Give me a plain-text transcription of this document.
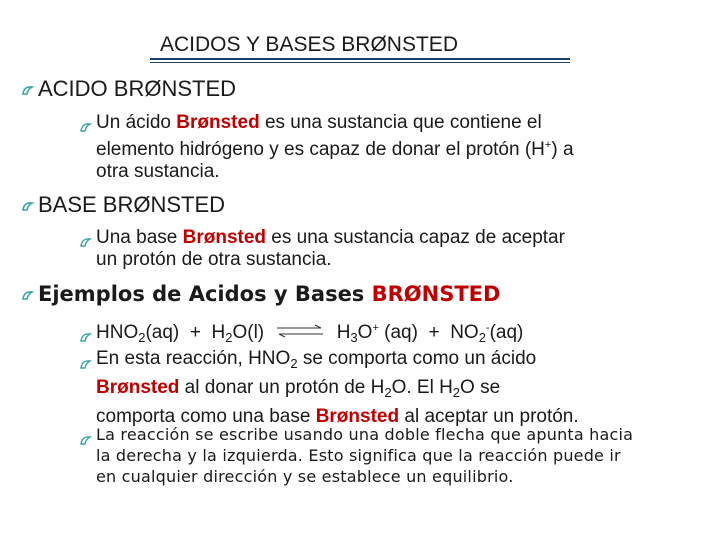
ACIDOS Y BASES BRØNSTED
ACIDO BRØNSTED
Un ácido Brønsted es una sustancia que contiene el
elemento hidrógeno y es capaz de donar el protón (H+) a
otra sustancia.
BASE BRØNSTED
Una base Brønsted es una sustancia capaz de aceptar
un protón de otra sustancia.
Ejemplos de Acidos y Bases BRØNSTED
$HNO_2(aq) + H_2O(l)$ ⇌ $H_3O^+$ $(aq) + NO_2^-(aq)$
En esta reacción, $HNO_2$ se comporta como un ácido
Brønsted al donar un protón de $H_2O$. El $H_2O$ se
comporta como una base Brønsted al aceptar un protón.
La reacción se escribe usando una doble flecha que apunta hacia
la derecha y la izquierda. Esto significa que la reacción puede ir
en cualquier dirección y se establece un equilibrio.
